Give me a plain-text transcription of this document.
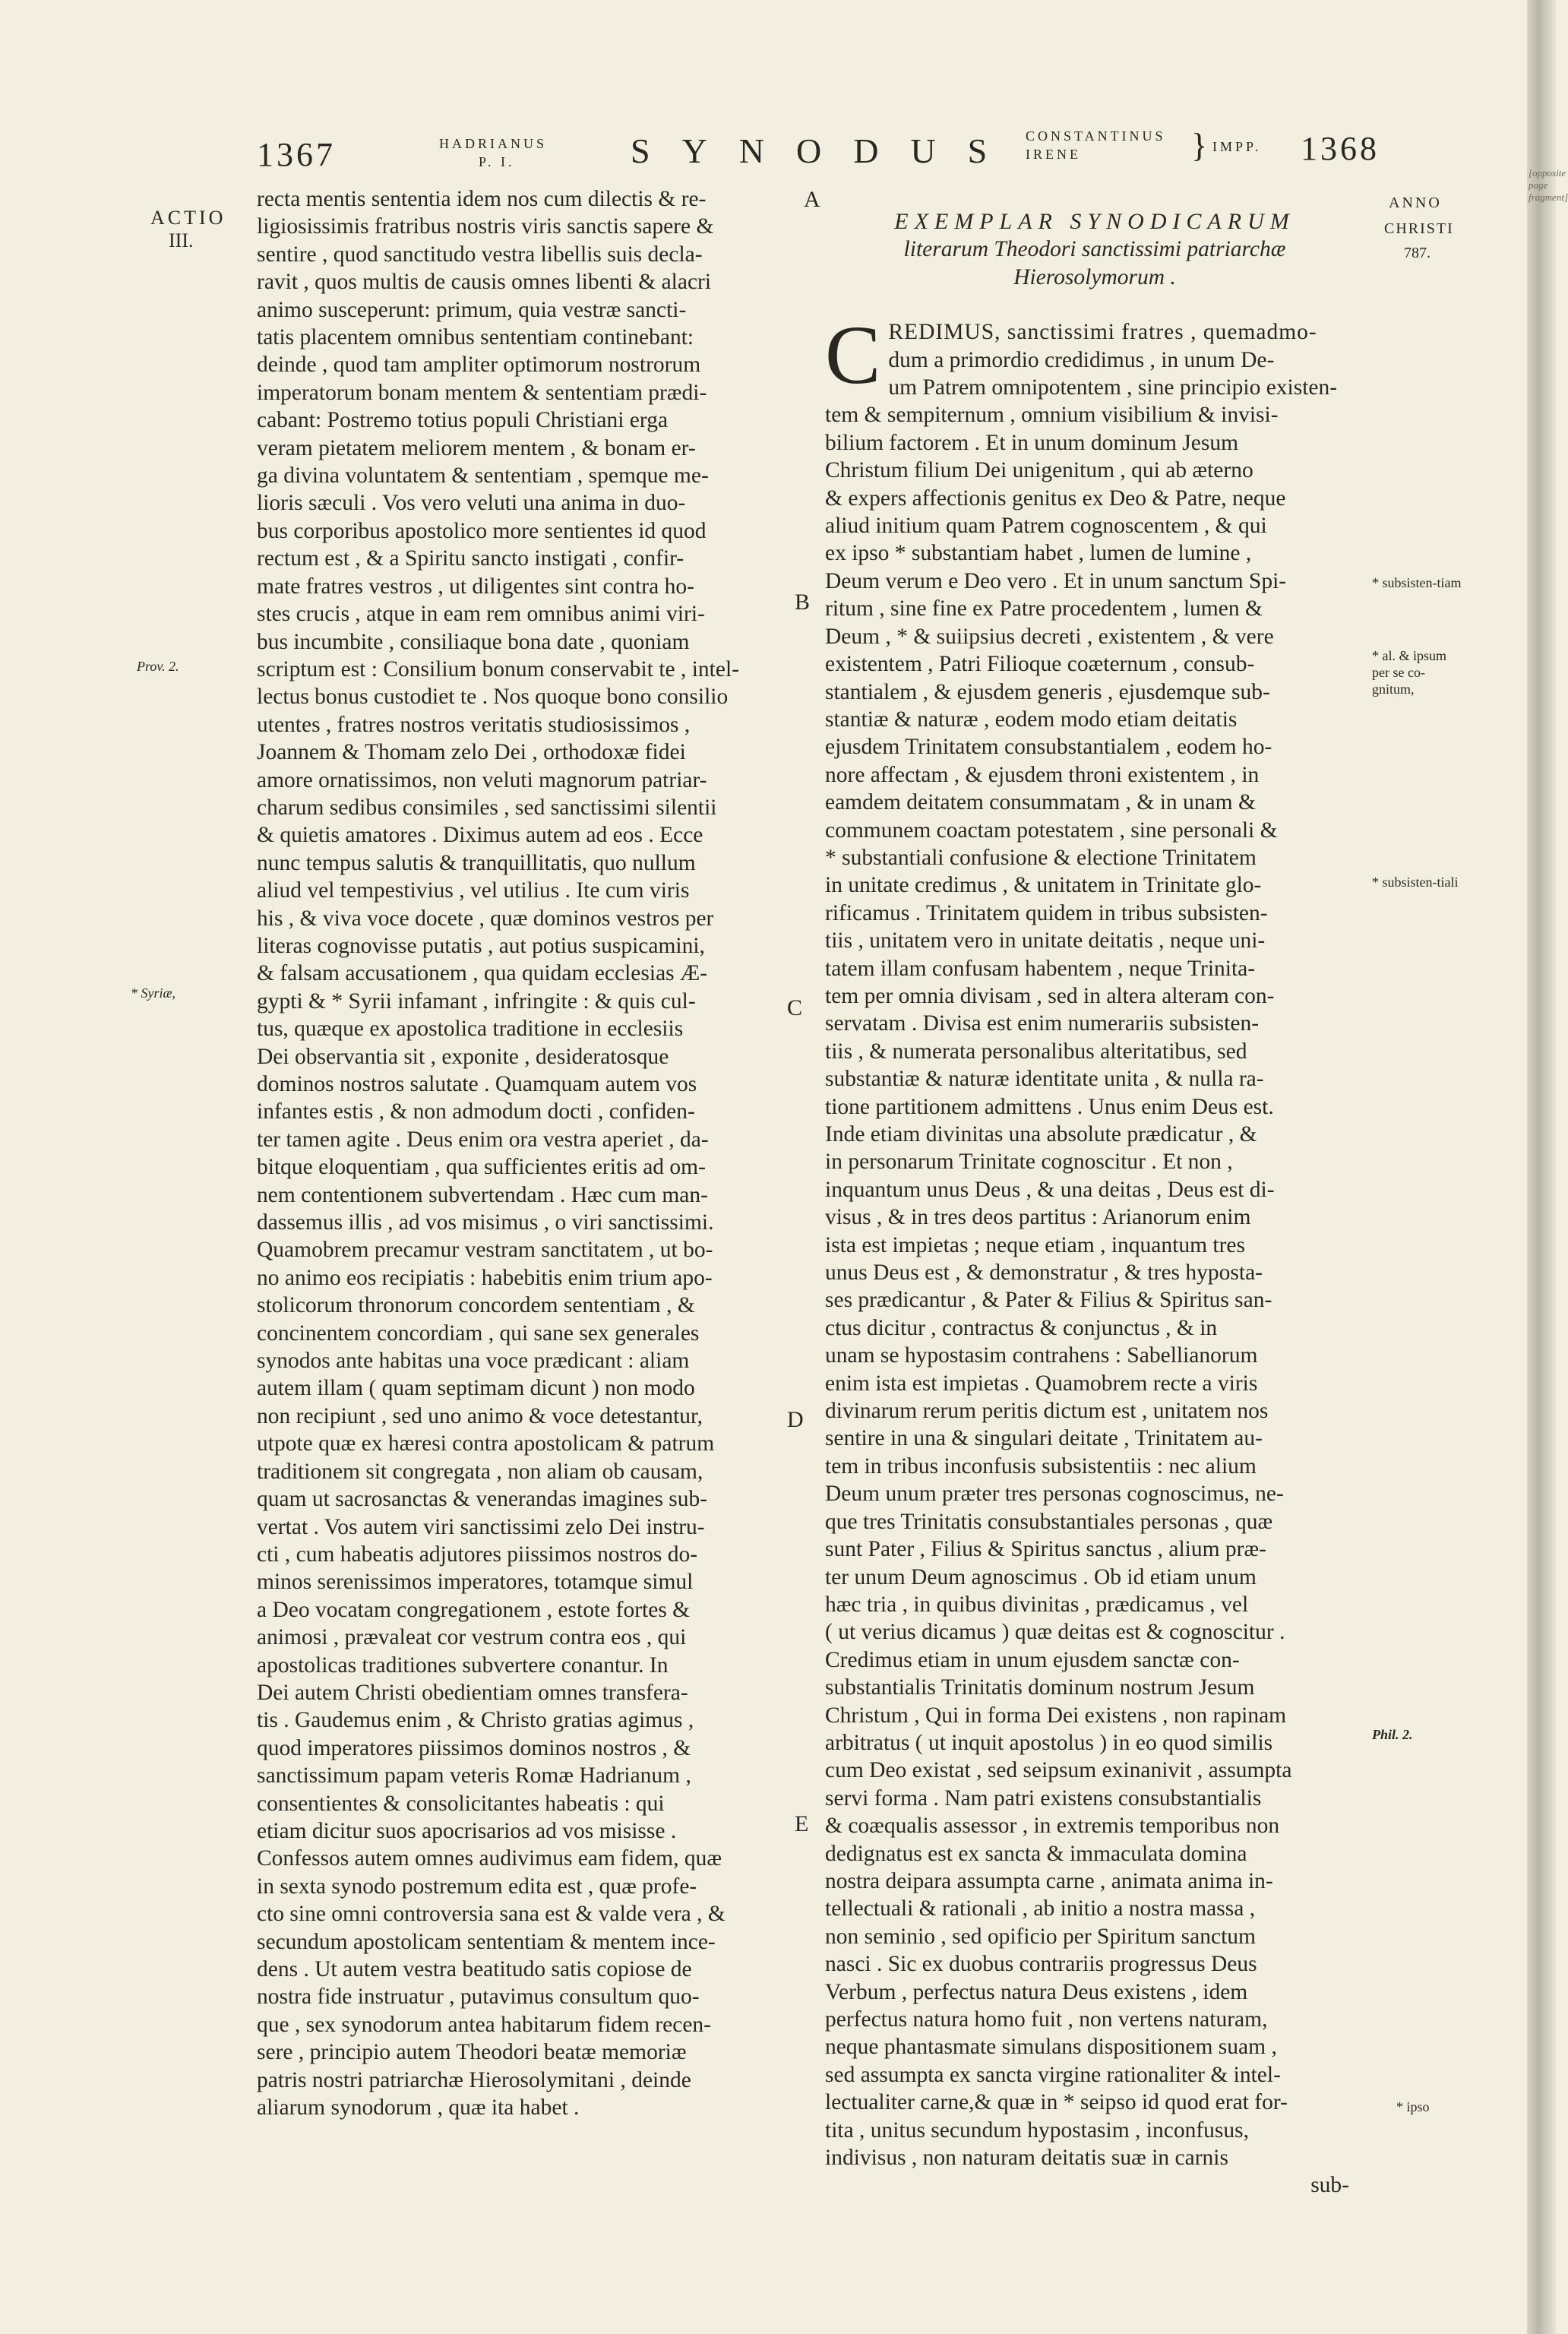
1367	HADRIANUS
P. I.	SYNODUS CONSTANTINUS
IRENE	} IMPP. 1368
ACTIO
III.
Prov. 2.
* Syriæ,
ANNO
CHRISTI
787.
* subsisten-tiam
* al. & ipsum per se co-gnitum,
* subsisten-tiali
Phil. 2.
* ipso
A
B
C
D
E
recta mentis sententia idem nos cum dilectis & re-
ligiosissimis fratribus nostris viris sanctis sapere &
sentire , quod sanctitudo vestra libellis suis decla-
ravit , quos multis de causis omnes libenti & alacri
animo susceperunt: primum, quia vestræ sancti-
tatis placentem omnibus sententiam continebant:
deinde , quod tam ampliter optimorum nostrorum
imperatorum bonam mentem & sententiam prædi-
cabant: Postremo totius populi Christiani erga
veram pietatem meliorem mentem , & bonam er-
ga divina voluntatem & sententiam , spemque me-
lioris sæculi . Vos vero veluti una anima in duo-
bus corporibus apostolico more sentientes id quod
rectum est , & a Spiritu sancto instigati , confir-
mate fratres vestros , ut diligentes sint contra ho-
stes crucis , atque in eam rem omnibus animi viri-
bus incumbite , consiliaque bona date , quoniam
scriptum est : Consilium bonum conservabit te , intel-
lectus bonus custodiet te . Nos quoque bono consilio
utentes , fratres nostros veritatis studiosissimos ,
Joannem & Thomam zelo Dei , orthodoxæ fidei
amore ornatissimos, non veluti magnorum patriar-
charum sedibus consimiles , sed sanctissimi silentii
& quietis amatores . Diximus autem ad eos . Ecce
nunc tempus salutis & tranquillitatis, quo nullum
aliud vel tempestivius , vel utilius . Ite cum viris
his , & viva voce docete , quæ dominos vestros per
literas cognovisse putatis , aut potius suspicamini,
& falsam accusationem , qua quidam ecclesias Æ-
gypti & * Syrii infamant , infringite : & quis cul-
tus, quæque ex apostolica traditione in ecclesiis
Dei observantia sit , exponite , desideratosque
dominos nostros salutate . Quamquam autem vos
infantes estis , & non admodum docti , confiden-
ter tamen agite . Deus enim ora vestra aperiet , da-
bitque eloquentiam , qua sufficientes eritis ad om-
nem contentionem subvertendam . Hæc cum man-
dassemus illis , ad vos misimus , o viri sanctissimi.
Quamobrem precamur vestram sanctitatem , ut bo-
no animo eos recipiatis : habebitis enim trium apo-
stolicorum thronorum concordem sententiam , &
concinentem concordiam , qui sane sex generales
synodos ante habitas una voce prædicant : aliam
autem illam ( quam septimam dicunt ) non modo
non recipiunt , sed uno animo & voce detestantur,
utpote quæ ex hæresi contra apostolicam & patrum
traditionem sit congregata , non aliam ob causam,
quam ut sacrosanctas & venerandas imagines sub-
vertat . Vos autem viri sanctissimi zelo Dei instru-
cti , cum habeatis adjutores piissimos nostros do-
minos serenissimos imperatores, totamque simul
a Deo vocatam congregationem , estote fortes &
animosi , prævaleat cor vestrum contra eos , qui
apostolicas traditiones subvertere conantur. In
Dei autem Christi obedientiam omnes transfera-
tis . Gaudemus enim , & Christo gratias agimus ,
quod imperatores piissimos dominos nostros , &
sanctissimum papam veteris Romæ Hadrianum ,
consentientes & consolicitantes habeatis : qui
etiam dicitur suos apocrisarios ad vos misisse .
Confessos autem omnes audivimus eam fidem, quæ
in sexta synodo postremum edita est , quæ profe-
cto sine omni controversia sana est & valde vera , &
secundum apostolicam sententiam & mentem ince-
dens . Ut autem vestra beatitudo satis copiose de
nostra fide instruatur , putavimus consultum quo-
que , sex synodorum antea habitarum fidem recen-
sere , principio autem Theodori beatæ memoriæ
patris nostri patriarchæ Hierosolymitani , deinde
aliarum synodorum , quæ ita habet .
EXEMPLAR SYNODICARUM
literarum Theodori sanctissimi patriarchæ
Hierosolymorum .
C REDIMUS, sanctissimi fratres , quemadmo-
dum a primordio credidimus , in unum De-
um Patrem omnipotentem , sine principio existen-
tem & sempiternum , omnium visibilium & invisi-
bilium factorem . Et in unum dominum Jesum
Christum filium Dei unigenitum , qui ab æterno
& expers affectionis genitus ex Deo & Patre, neque
aliud initium quam Patrem cognoscentem , & qui
ex ipso * substantiam habet , lumen de lumine ,
Deum verum e Deo vero . Et in unum sanctum Spi-
ritum , sine fine ex Patre procedentem , lumen &
Deum , * & suiipsius decreti , existentem , & vere
existentem , Patri Filioque coæternum , consub-
stantialem , & ejusdem generis , ejusdemque sub-
stantiæ & naturæ , eodem modo etiam deitatis
ejusdem Trinitatem consubstantialem , eodem ho-
nore affectam , & ejusdem throni existentem , in
eamdem deitatem consummatam , & in unam &
communem coactam potestatem , sine personali &
* substantiali confusione & electione Trinitatem
in unitate credimus , & unitatem in Trinitate glo-
rificamus . Trinitatem quidem in tribus subsisten-
tiis , unitatem vero in unitate deitatis , neque uni-
tatem illam confusam habentem , neque Trinita-
tem per omnia divisam , sed in altera alteram con-
servatam . Divisa est enim numerariis subsisten-
tiis , & numerata personalibus alteritatibus, sed
substantiæ & naturæ identitate unita , & nulla ra-
tione partitionem admittens . Unus enim Deus est.
Inde etiam divinitas una absolute prædicatur , &
in personarum Trinitate cognoscitur . Et non ,
inquantum unus Deus , & una deitas , Deus est di-
visus , & in tres deos partitus : Arianorum enim
ista est impietas ; neque etiam , inquantum tres
unus Deus est , & demonstratur , & tres hyposta-
ses prædicantur , & Pater & Filius & Spiritus san-
ctus dicitur , contractus & conjunctus , & in
unam se hypostasim contrahens : Sabellianorum
enim ista est impietas . Quamobrem recte a viris
divinarum rerum peritis dictum est , unitatem nos
sentire in una & singulari deitate , Trinitatem au-
tem in tribus inconfusis subsistentiis : nec alium
Deum unum præter tres personas cognoscimus, ne-
que tres Trinitatis consubstantiales personas , quæ
sunt Pater , Filius & Spiritus sanctus , alium præ-
ter unum Deum agnoscimus . Ob id etiam unum
hæc tria , in quibus divinitas , prædicamus , vel
( ut verius dicamus ) quæ deitas est & cognoscitur .
Credimus etiam in unum ejusdem sanctæ con-
substantialis Trinitatis dominum nostrum Jesum
Christum , Qui in forma Dei existens , non rapinam
arbitratus ( ut inquit apostolus ) in eo quod similis
cum Deo existat , sed seipsum exinanivit , assumpta
servi forma . Nam patri existens consubstantialis
& coæqualis assessor , in extremis temporibus non
dedignatus est ex sancta & immaculata domina
nostra deipara assumpta carne , animata anima in-
tellectuali & rationali , ab initio a nostra massa ,
non seminio , sed opificio per Spiritum sanctum
nasci . Sic ex duobus contrariis progressus Deus
Verbum , perfectus natura Deus existens , idem
perfectus natura homo fuit , non vertens naturam,
neque phantasmate simulans dispositionem suam ,
sed assumpta ex sancta virgine rationaliter & intel-
lectualiter carne,& quæ in * seipso id quod erat for-
tita , unitus secundum hypostasim , inconfusus,
indivisus , non naturam deitatis suæ in carnis
sub-
[opposite page fragment]
